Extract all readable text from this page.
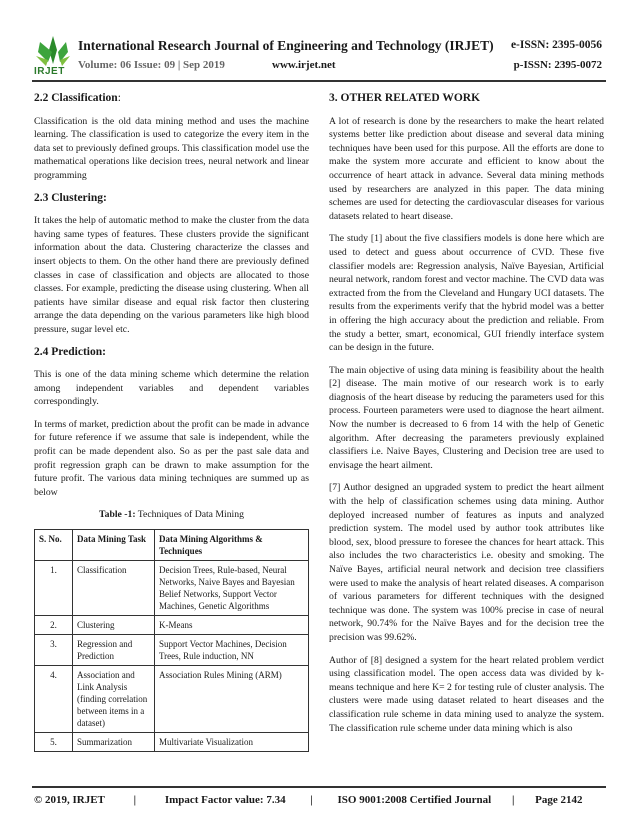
IRJET
International Research Journal of Engineering and Technology (IRJET) e-ISSN: 2395-0056
Volume: 06 Issue: 09 | Sep 2019	www.irjet.net	p-ISSN: 2395-0072
2.2 Classification:

Classification is the old data mining method and uses the machine learning. The classification is used to categorize the every item in the data set to previously defined groups. This classification model use the mathematical operations like decision trees, neural network and linear programming

2.3 Clustering:

It takes the help of automatic method to make the cluster from the data having same types of features. These clusters provide the significant information about the data. Clustering characterize the classes and insert objects to them. On the other hand there are previously defined classes in case of classification and objects are allocated to those classes. For example, predicting the disease using clustering. When all patients have similar disease and equal risk factor then clustering arrange the data depending on the various parameters like high blood pressure, sugar level etc.

2.4 Prediction:

This is one of the data mining scheme which determine the relation among independent variables and dependent variables correspondingly.

In terms of market, prediction about the profit can be made in advance for future reference if we assume that sale is independent, while the profit can be made dependent also. So as per the past sale data and profit regression graph can be drawn to make assumption for the future profit. The various data mining techniques are summed up as below

Table -1: Techniques of Data Mining
S. No.	Data Mining Task	Data Mining Algorithms & Techniques
1.	Classification	Decision Trees, Rule-based, Neural Networks, Naive Bayes and Bayesian Belief Networks, Support Vector Machines, Genetic Algorithms
2.	Clustering	K-Means
3.	Regression and Prediction	Support Vector Machines, Decision Trees, Rule induction, NN
4.	Association and Link Analysis (finding correlation between items in a dataset)	Association Rules Mining (ARM)
5.	Summarization	Multivariate Visualization
3. OTHER RELATED WORK

A lot of research is done by the researchers to make the heart related systems better like prediction about disease and several data mining techniques have been used for this purpose. All the efforts are done to make the system more accurate and efficient to know about the occurrence of heart attack in advance. Several data mining methods used by researchers are analyzed in this paper. The data mining schemes are used for detecting the cardiovascular diseases for various datasets related to heart disease.

The study [1] about the five classifiers models is done here which are used to detect and guess about occurrence of CVD. These five classifier models are: Regression analysis, Naïve Bayesian, Artificial neural network, random forest and vector machine. The CVD data was extracted from the from the Cleveland and Hungary UCI datasets. The results from the experiments verify that the hybrid model was a better in offering the high accuracy about the prediction and reliable. From the study a better, smart, economical, GUI friendly interface system can be design in the future.

The main objective of using data mining is feasibility about the health [2] disease. The main motive of our research work is to early diagnosis of the heart disease by reducing the parameters used for this process. Fourteen parameters were used to diagnose the heart ailment. Now the number is decreased to 6 from 14 with the help of Genetic algorithm. After decreasing the parameters previously explained classifiers i.e. Naive Bayes, Clustering and Decision tree are used to envisage the heart ailment.

[7] Author designed an upgraded system to predict the heart ailment with the help of classification schemes using data mining. Author deployed increased number of features as inputs and analyzed prediction system. The model used by author took attributes like blood, sex, blood pressure to foresee the chances for heart attack. This also includes the two characteristics i.e. obesity and smoking. The Naïve Bayes, artificial neural network and decision tree classifiers were used to make the analysis of heart related diseases. A comparison of various parameters for different techniques with the designed technique was done. The system was 100% precise in case of neural network, 90.74% for the Naïve Bayes and for the decision tree the precision was 99.62%.

Author of [8] designed a system for the heart related problem verdict using classification model. The open access data was divided by k-means technique and here K= 2 for testing rule of cluster analysis. The clusters were made using dataset related to heart diseases and the classification rule scheme in data mining used to analyze the system. The classification rule scheme under data mining which is also

© 2019, IRJET	|	Impact Factor value: 7.34 | ISO 9001:2008 Certified Journal | Page 2142
